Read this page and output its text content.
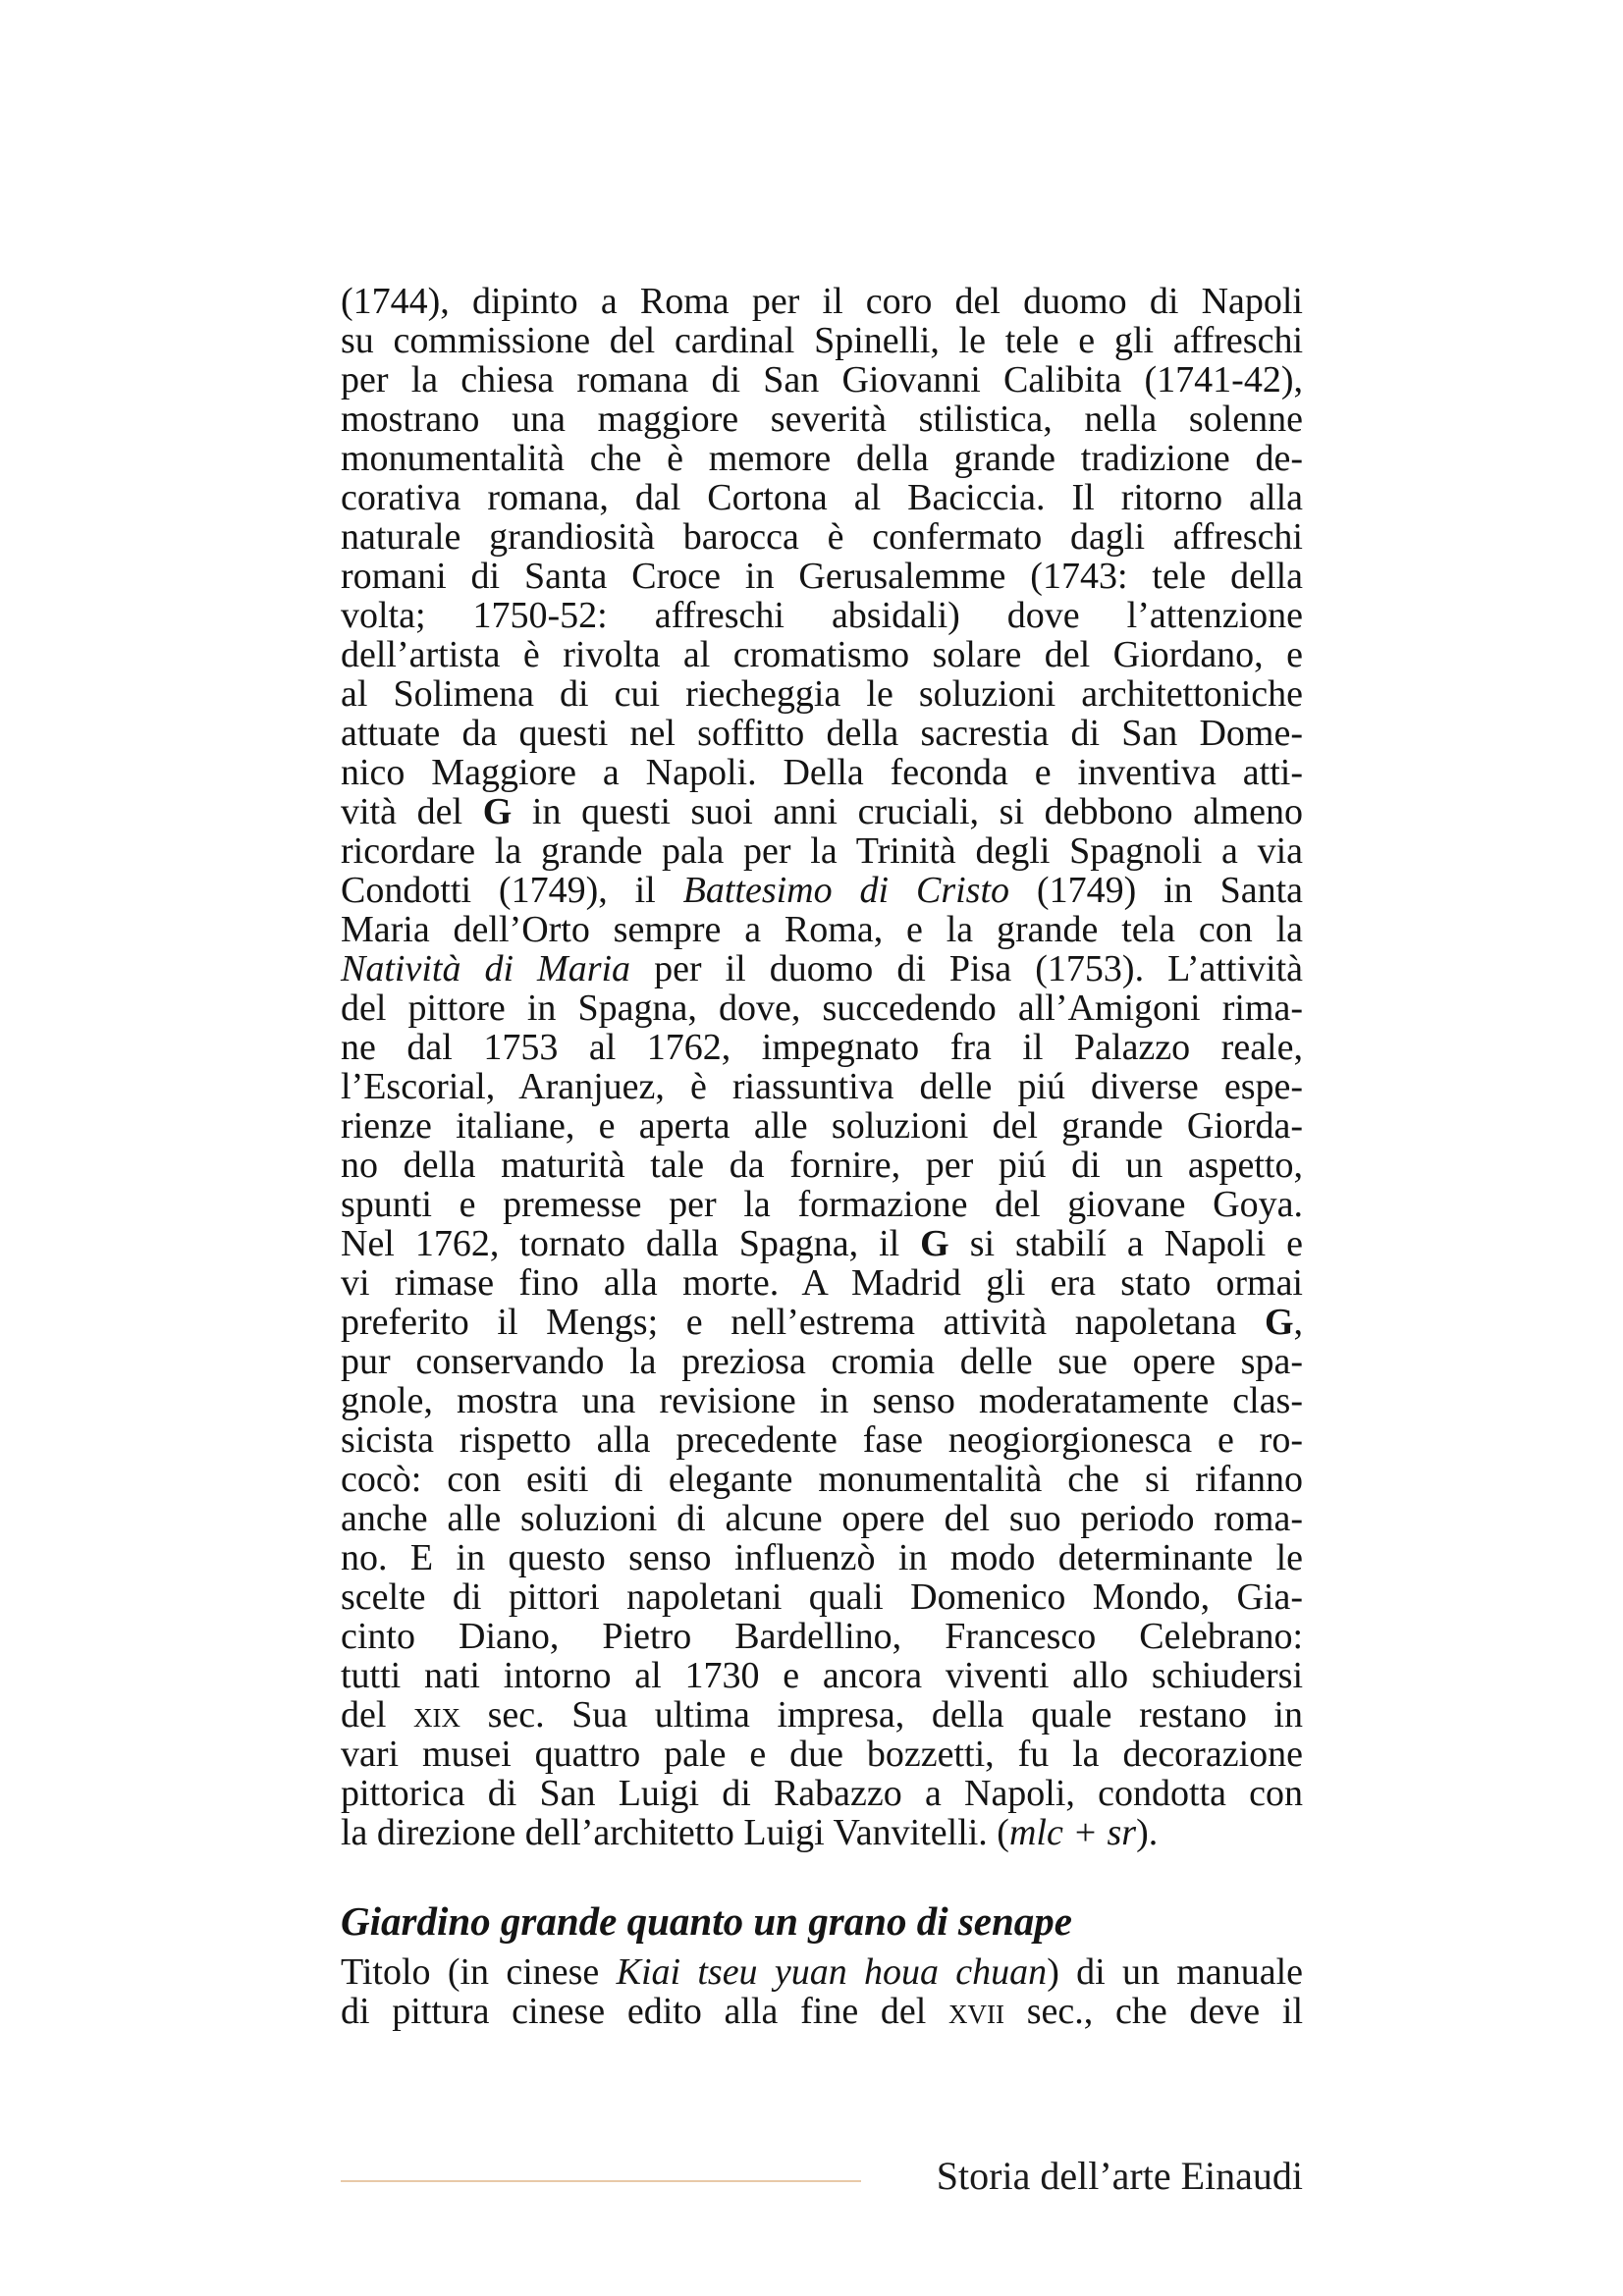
(1744), dipinto a Roma per il coro del duomo di Napoli
su commissione del cardinal Spinelli, le tele e gli affreschi
per la chiesa romana di San Giovanni Calibita (1741-42),
mostrano una maggiore severità stilistica, nella solenne
monumentalità che è memore della grande tradizione de-
corativa romana, dal Cortona al Baciccia. Il ritorno alla
naturale grandiosità barocca è confermato dagli affreschi
romani di Santa Croce in Gerusalemme (1743: tele della
volta; 1750-52: affreschi absidali) dove l’attenzione
dell’artista è rivolta al cromatismo solare del Giordano, e
al Solimena di cui riecheggia le soluzioni architettoniche
attuate da questi nel soffitto della sacrestia di San Dome-
nico Maggiore a Napoli. Della feconda e inventiva atti-
vità del G in questi suoi anni cruciali, si debbono almeno
ricordare la grande pala per la Trinità degli Spagnoli a via
Condotti (1749), il Battesimo di Cristo (1749) in Santa
Maria dell’Orto sempre a Roma, e la grande tela con la
Natività di Maria per il duomo di Pisa (1753). L’attività
del pittore in Spagna, dove, succedendo all’Amigoni rima-
ne dal 1753 al 1762, impegnato fra il Palazzo reale,
l’Escorial, Aranjuez, è riassuntiva delle piú diverse espe-
rienze italiane, e aperta alle soluzioni del grande Giorda-
no della maturità tale da fornire, per piú di un aspetto,
spunti e premesse per la formazione del giovane Goya.
Nel 1762, tornato dalla Spagna, il G si stabilí a Napoli e
vi rimase fino alla morte. A Madrid gli era stato ormai
preferito il Mengs; e nell’estrema attività napoletana G,
pur conservando la preziosa cromia delle sue opere spa-
gnole, mostra una revisione in senso moderatamente clas-
sicista rispetto alla precedente fase neogiorgionesca e ro-
cocò: con esiti di elegante monumentalità che si rifanno
anche alle soluzioni di alcune opere del suo periodo roma-
no. E in questo senso influenzò in modo determinante le
scelte di pittori napoletani quali Domenico Mondo, Gia-
cinto Diano, Pietro Bardellino, Francesco Celebrano:
tutti nati intorno al 1730 e ancora viventi allo schiudersi
del xix sec. Sua ultima impresa, della quale restano in
vari musei quattro pale e due bozzetti, fu la decorazione
pittorica di San Luigi di Rabazzo a Napoli, condotta con
la direzione dell’architetto Luigi Vanvitelli. (mlc + sr).
Giardino grande quanto un grano di senape
Titolo (in cinese Kiai tseu yuan houa chuan) di un manuale
di pittura cinese edito alla fine del xvii sec., che deve il
Storia dell’arte Einaudi
